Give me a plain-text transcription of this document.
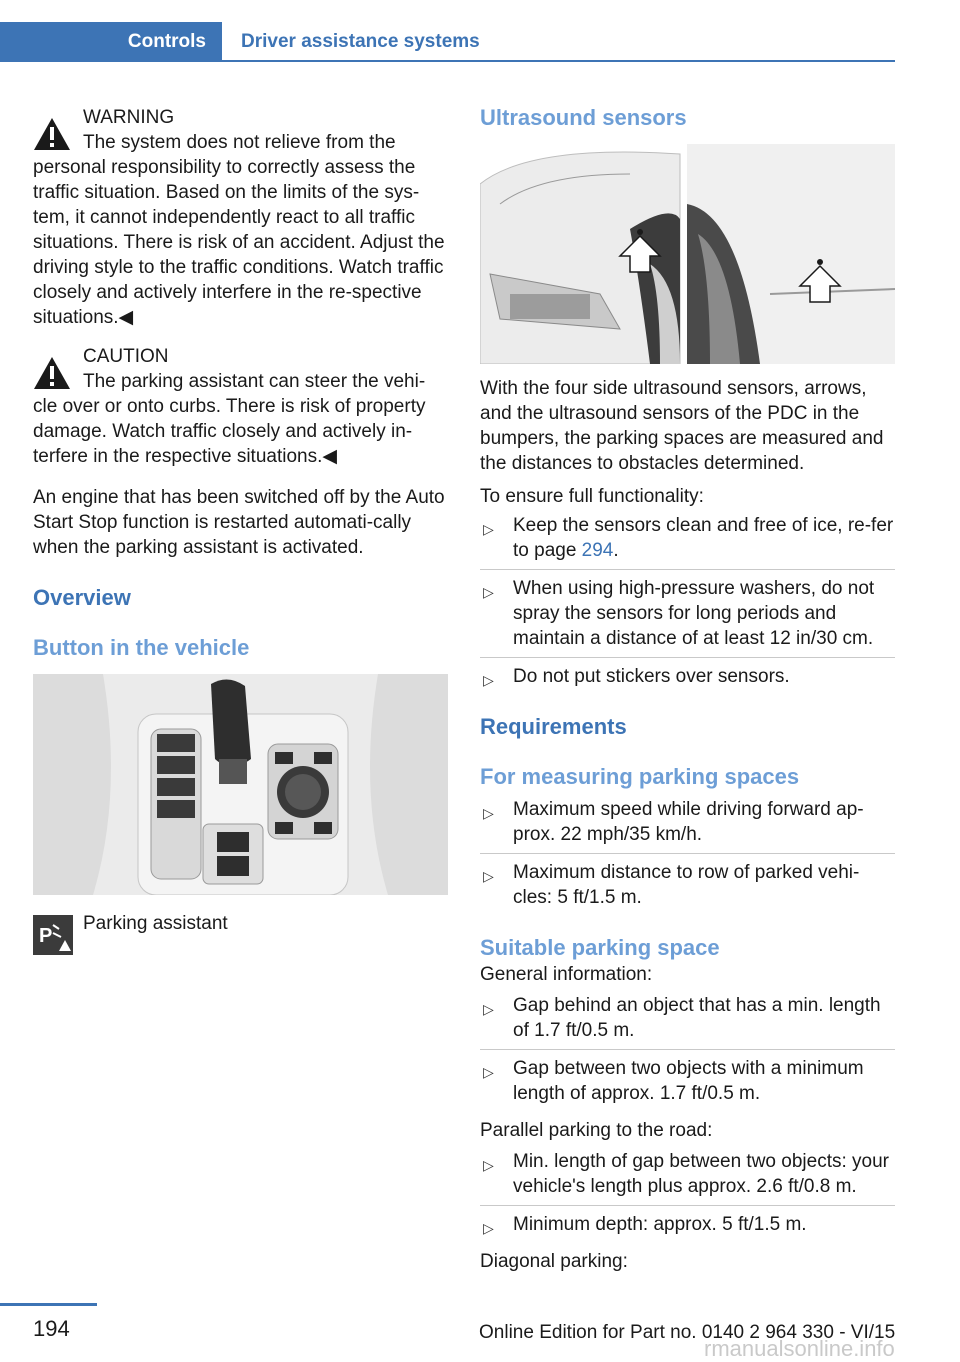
Controls	Driver assistance systems
WARNING

The system does not relieve from the personal responsibility to correctly assess the traffic situation. Based on the limits of the sys‐tem, it cannot independently react to all traffic situations. There is risk of an accident. Adjust the driving style to the traffic conditions. Watch traffic closely and actively interfere in the re‐spective situations.◀

CAUTION

The parking assistant can steer the vehi‐cle over or onto curbs. There is risk of property damage. Watch traffic closely and actively in‐terfere in the respective situations.◀

An engine that has been switched off by the Auto Start Stop function is restarted automati‐cally when the parking assistant is activated.

Overview
Button in the vehicle
P
Parking assistant
Ultrasound sensors

With the four side ultrasound sensors, arrows, and the ultrasound sensors of the PDC in the bumpers, the parking spaces are measured and the distances to obstacles determined.

To ensure full functionality:

▷ Keep the sensors clean and free of ice, re‐fer to page 294.
▷ When using high-pressure washers, do not spray the sensors for long periods and maintain a distance of at least 12 in/30 cm.
▷ Do not put stickers over sensors.
Requirements
For measuring parking spaces
▷ Maximum speed while driving forward ap‐prox. 22 mph/35 km/h.
▷ Maximum distance to row of parked vehi‐cles: 5 ft/1.5 m.
Suitable parking space

General information:

▷ Gap behind an object that has a min. length of 1.7 ft/0.5 m.
▷ Gap between two objects with a minimum length of approx. 1.7 ft/0.5 m.

Parallel parking to the road:

▷ Min. length of gap between two objects: your vehicle's length plus approx. 2.6 ft/0.8 m.
▷ Minimum depth: approx. 5 ft/1.5 m.

Diagonal parking:

194	Online Edition for Part no. 0140 2 964 330 - VI/15
rmanualsonline.info
